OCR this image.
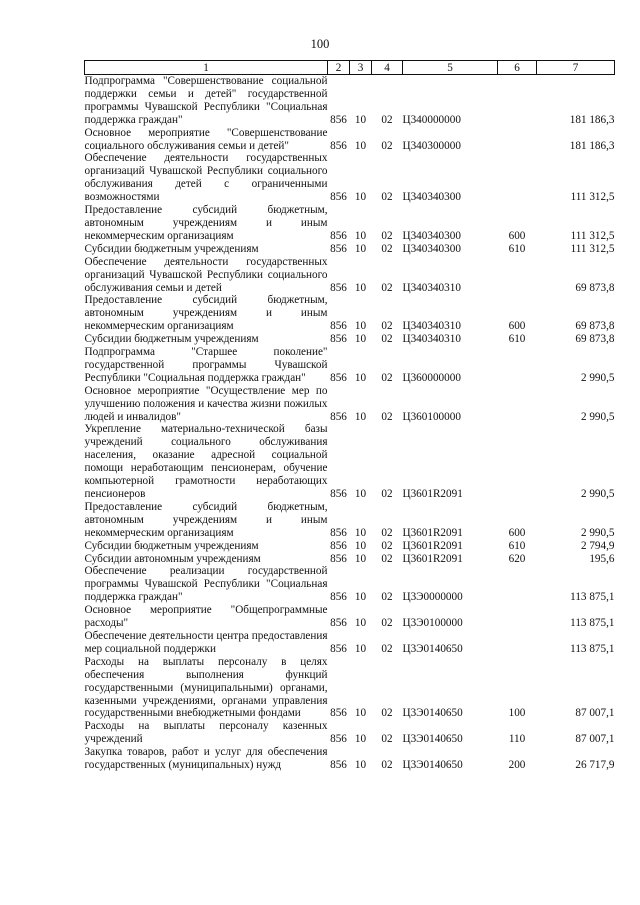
100
1	2	3	4	5	6	7
Подпрограмма "Совершенствование социальной поддержки семьи и детей" государственной программы Чувашской Республики "Социальная поддержка граждан"	856	10	02	Ц340000000		181 186,3
Основное мероприятие "Совершенствование социального обслуживания семьи и детей"	856	10	02	Ц340300000		181 186,3
Обеспечение деятельности государственных организаций Чувашской Республики социального обслуживания детей с ограниченными возможностями	856	10	02	Ц340340300		111 312,5
Предоставление субсидий бюджетным, автономным учреждениям и иным некоммерческим организациям	856	10	02	Ц340340300	600	111 312,5
Субсидии бюджетным учреждениям	856	10	02	Ц340340300	610	111 312,5
Обеспечение деятельности государственных организаций Чувашской Республики социального обслуживания семьи и детей	856	10	02	Ц340340310		69 873,8
Предоставление субсидий бюджетным, автономным учреждениям и иным некоммерческим организациям	856	10	02	Ц340340310	600	69 873,8
Субсидии бюджетным учреждениям	856	10	02	Ц340340310	610	69 873,8
Подпрограмма "Старшее поколение" государственной программы Чувашской Республики "Социальная поддержка граждан"	856	10	02	Ц360000000		2 990,5
Основное мероприятие "Осуществление мер по улучшению положения и качества жизни пожилых людей и инвалидов"	856	10	02	Ц360100000		2 990,5
Укрепление материально-технической базы учреждений социального обслуживания населения, оказание адресной социальной помощи неработающим пенсионерам, обучение компьютерной грамотности неработающих пенсионеров	856	10	02	Ц3601R2091		2 990,5
Предоставление субсидий бюджетным, автономным учреждениям и иным некоммерческим организациям	856	10	02	Ц3601R2091	600	2 990,5
Субсидии бюджетным учреждениям	856	10	02	Ц3601R2091	610	2 794,9
Субсидии автономным учреждениям	856	10	02	Ц3601R2091	620	195,6
Обеспечение реализации государственной программы Чувашской Республики "Социальная поддержка граждан"	856	10	02	Ц3Э0000000		113 875,1
Основное мероприятие "Общепрограммные расходы"	856	10	02	Ц3Э0100000		113 875,1
Обеспечение деятельности центра предоставления мер социальной поддержки	856	10	02	Ц3Э0140650		113 875,1
Расходы на выплаты персоналу в целях обеспечения выполнения функций государственными (муниципальными) органами, казенными учреждениями, органами управления государственными внебюджетными фондами	856	10	02	Ц3Э0140650	100	87 007,1
Расходы на выплаты персоналу казенных учреждений	856	10	02	Ц3Э0140650	110	87 007,1
Закупка товаров, работ и услуг для обеспечения государственных (муниципальных) нужд	856	10	02	Ц3Э0140650	200	26 717,9
